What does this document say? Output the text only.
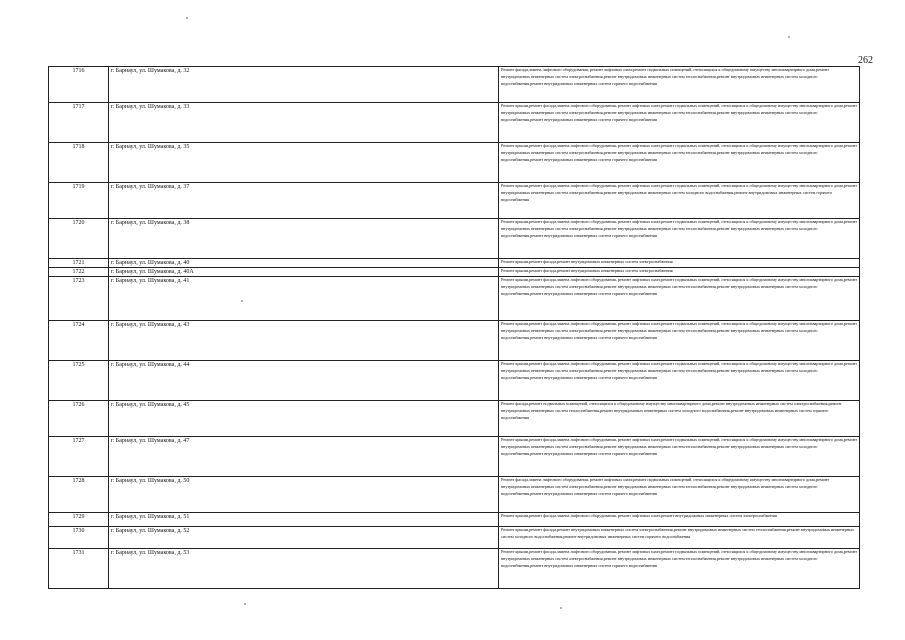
262
1716	г. Барнаул, ул. Шумакова, д. 32	Ремонт фасада,замена лифтового оборудования, ремонт лифтовых шахт,ремонт подвальных помещений, относящихся к общедомовому имуществу многоквартирного дома,ремонт внутридомовых инженерных систем электроснабжения,ремонт внутридомовых инженерных систем теплоснабжения,ремонт внутридомовых инженерных систем холодного водоснабжения,ремонт внутридомовых инженерных систем горячего водоснабжения
1717	г. Барнаул, ул. Шумакова, д. 33	Ремонт крыши,ремонт фасада,замена лифтового оборудования, ремонт лифтовых шахт,ремонт подвальных помещений, относящихся к общедомовому имуществу многоквартирного дома,ремонт внутридомовых инженерных систем электроснабжения,ремонт внутридомовых инженерных систем теплоснабжения,ремонт внутридомовых инженерных систем холодного водоснабжения,ремонт внутридомовых инженерных систем горячего водоснабжения
1718	г. Барнаул, ул. Шумакова, д. 35	Ремонт крыши,ремонт фасада,замена лифтового оборудования, ремонт лифтовых шахт,ремонт подвальных помещений, относящихся к общедомовому имуществу многоквартирного дома,ремонт внутридомовых инженерных систем электроснабжения,ремонт внутридомовых инженерных систем теплоснабжения,ремонт внутридомовых инженерных систем холодного водоснабжения,ремонт внутридомовых инженерных систем горячего водоснабжения
1719	г. Барнаул, ул. Шумакова, д. 37	Ремонт крыши,ремонт фасада,замена лифтового оборудования, ремонт лифтовых шахт,ремонт подвальных помещений, относящихся к общедомовому имуществу многоквартирного дома,ремонт внутридомовых инженерных систем электроснабжения,ремонт внутридомовых инженерных систем холодного водоснабжения,ремонт внутридомовых инженерных систем горячего водоснабжения
1720	г. Барнаул, ул. Шумакова, д. 38	Ремонт крыши,ремонт фасада,замена лифтового оборудования, ремонт лифтовых шахт,ремонт подвальных помещений, относящихся к общедомовому имуществу многоквартирного дома,ремонт внутридомовых инженерных систем электроснабжения,ремонт внутридомовых инженерных систем теплоснабжения,ремонт внутридомовых инженерных систем холодного водоснабжения,ремонт внутридомовых инженерных систем горячего водоснабжения
1721	г. Барнаул, ул. Шумакова, д. 40	Ремонт крыши,ремонт фасада,ремонт внутридомовых инженерных систем электроснабжения
1722	г. Барнаул, ул. Шумакова, д. 40А	Ремонт крыши,ремонт фасада,ремонт внутридомовых инженерных систем электроснабжения
1723	г. Барнаул, ул. Шумакова, д. 41	Ремонт крыши,ремонт фасада,замена лифтового оборудования, ремонт лифтовых шахт,ремонт подвальных помещений, относящихся к общедомовому имуществу многоквартирного дома,ремонт внутридомовых инженерных систем электроснабжения,ремонт внутридомовых инженерных систем теплоснабжения,ремонт внутридомовых инженерных систем холодного водоснабжения,ремонт внутридомовых инженерных систем горячего водоснабжения
1724	г. Барнаул, ул. Шумакова, д. 43	Ремонт крыши,ремонт фасада,замена лифтового оборудования, ремонт лифтовых шахт,ремонт подвальных помещений, относящихся к общедомовому имуществу многоквартирного дома,ремонт внутридомовых инженерных систем электроснабжения,ремонт внутридомовых инженерных систем теплоснабжения,ремонт внутридомовых инженерных систем холодного водоснабжения,ремонт внутридомовых инженерных систем горячего водоснабжения
1725	г. Барнаул, ул. Шумакова, д. 44	Ремонт крыши,ремонт фасада,замена лифтового оборудования, ремонт лифтовых шахт,ремонт подвальных помещений, относящихся к общедомовому имуществу многоквартирного дома,ремонт внутридомовых инженерных систем электроснабжения,ремонт внутридомовых инженерных систем теплоснабжения,ремонт внутридомовых инженерных систем холодного водоснабжения,ремонт внутридомовых инженерных систем горячего водоснабжения
1726	г. Барнаул, ул. Шумакова, д. 45	Ремонт фасада,ремонт подвальных помещений, относящихся к общедомовому имуществу многоквартирного дома,ремонт внутридомовых инженерных систем электроснабжения,ремонт внутридомовых инженерных систем теплоснабжения,ремонт внутридомовых инженерных систем холодного водоснабжения,ремонт внутридомовых инженерных систем горячего водоснабжения
1727	г. Барнаул, ул. Шумакова, д. 47	Ремонт крыши,ремонт фасада,замена лифтового оборудования, ремонт лифтовых шахт,ремонт подвальных помещений, относящихся к общедомовому имуществу многоквартирного дома,ремонт внутридомовых инженерных систем электроснабжения,ремонт внутридомовых инженерных систем теплоснабжения,ремонт внутридомовых инженерных систем холодного водоснабжения,ремонт внутридомовых инженерных систем горячего водоснабжения
1728	г. Барнаул, ул. Шумакова, д. 50	Ремонт фасада,замена лифтового оборудования, ремонт лифтовых шахт,ремонт подвальных помещений, относящихся к общедомовому имуществу многоквартирного дома,ремонт внутридомовых инженерных систем электроснабжения,ремонт внутридомовых инженерных систем теплоснабжения,ремонт внутридомовых инженерных систем холодного водоснабжения,ремонт внутридомовых инженерных систем горячего водоснабжения
1729	г. Барнаул, ул. Шумакова, д. 51	Ремонт крыши,ремонт фасада,замена лифтового оборудования, ремонт лифтовых шахт,ремонт внутридомовых инженерных систем электроснабжения
1730	г. Барнаул, ул. Шумакова, д. 52	Ремонт крыши,ремонт фасада,ремонт внутридомовых инженерных систем электроснабжения,ремонт внутридомовых инженерных систем теплоснабжения,ремонт внутридомовых инженерных систем холодного водоснабжения,ремонт внутридомовых инженерных систем горячего водоснабжения
1731	г. Барнаул, ул. Шумакова, д. 53	Ремонт крыши,ремонт фасада,замена лифтового оборудования, ремонт лифтовых шахт,ремонт подвальных помещений, относящихся к общедомовому имуществу многоквартирного дома,ремонт внутридомовых инженерных систем электроснабжения,ремонт внутридомовых инженерных систем теплоснабжения,ремонт внутридомовых инженерных систем холодного водоснабжения,ремонт внутридомовых инженерных систем горячего водоснабжения
